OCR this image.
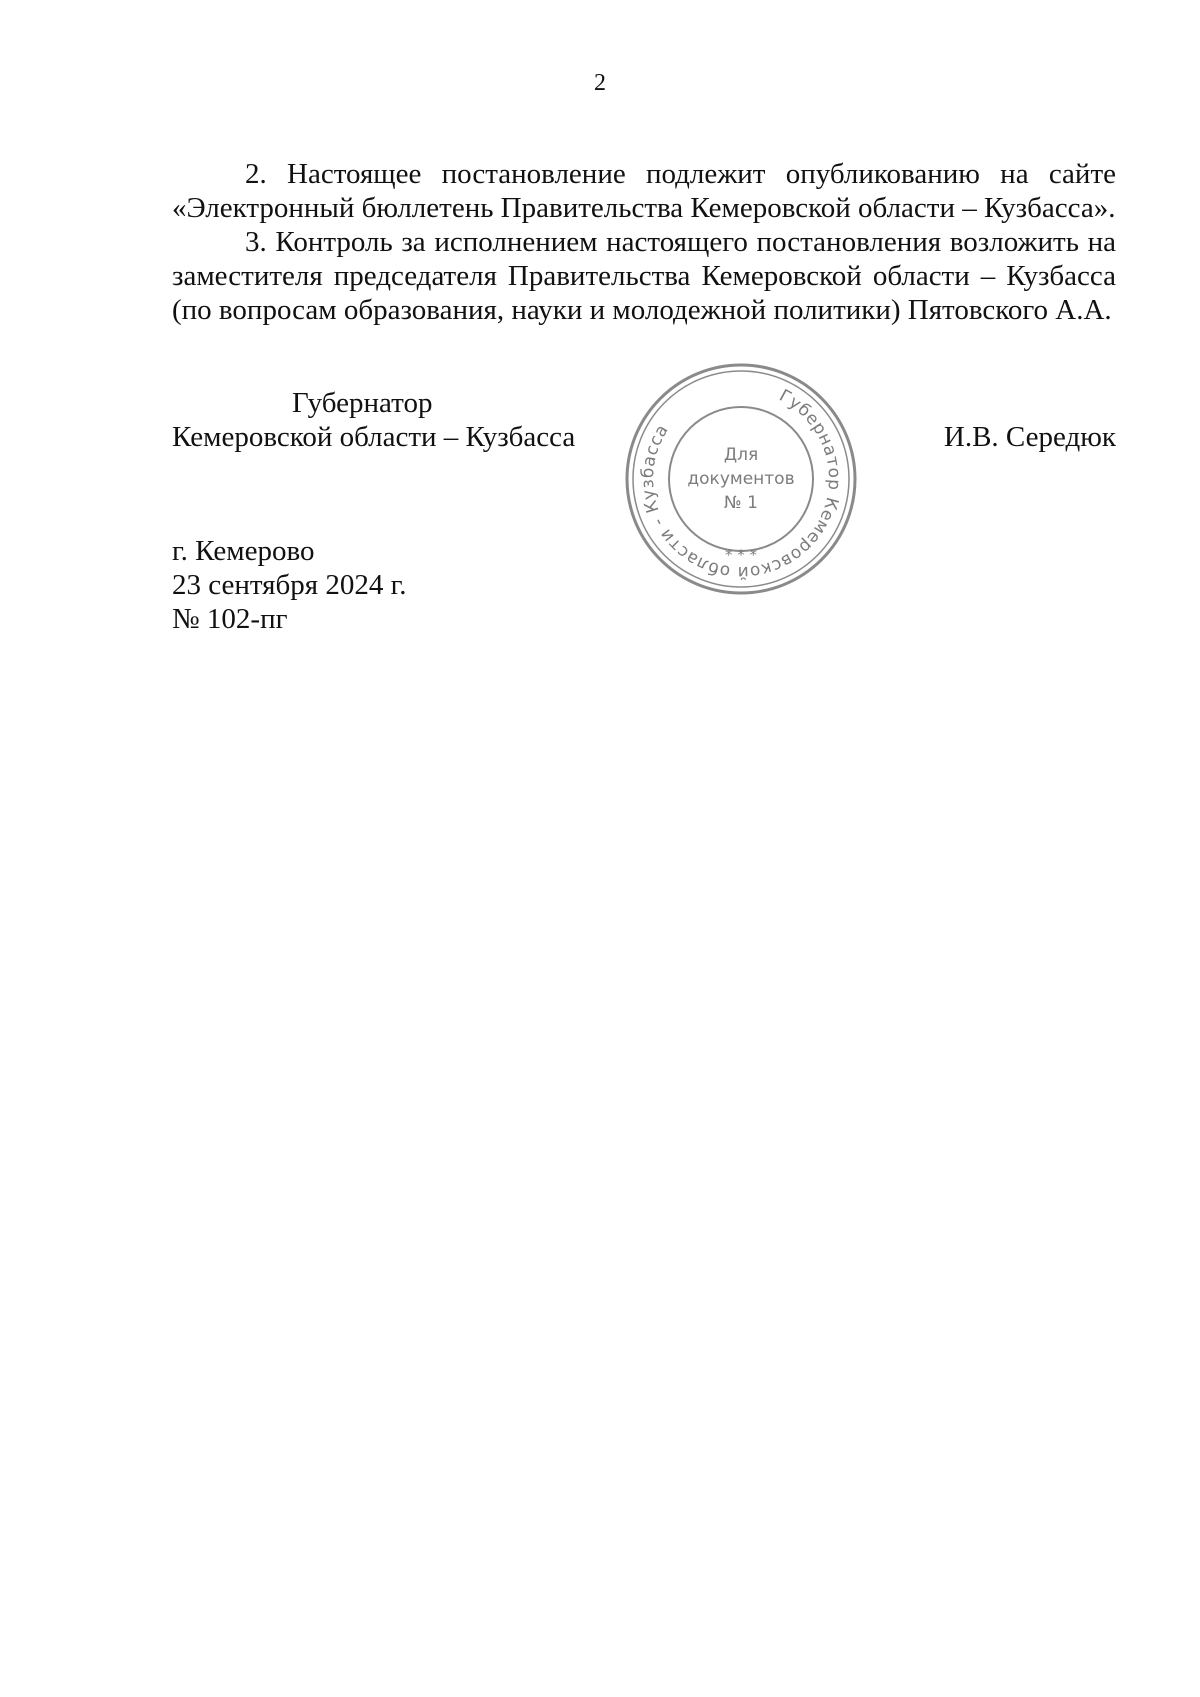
2

2. Настоящее постановление подлежит опубликованию на сайте «Электронный бюллетень Правительства Кемеровской области – Кузбасса».

3. Контроль за исполнением настоящего постановления возложить на заместителя председателя Правительства Кемеровской области – Кузбасса (по вопросам образования, науки и молодежной политики) Пятовского А.А.

Губернатор
Кемеровской области – Кузбасса	И.В. Середюк
Губернатор Кемеровской области - Кузбасса
* * *
Для
документов
№ 1
г. Кемерово
23 сентября 2024 г.
№ 102-пг
